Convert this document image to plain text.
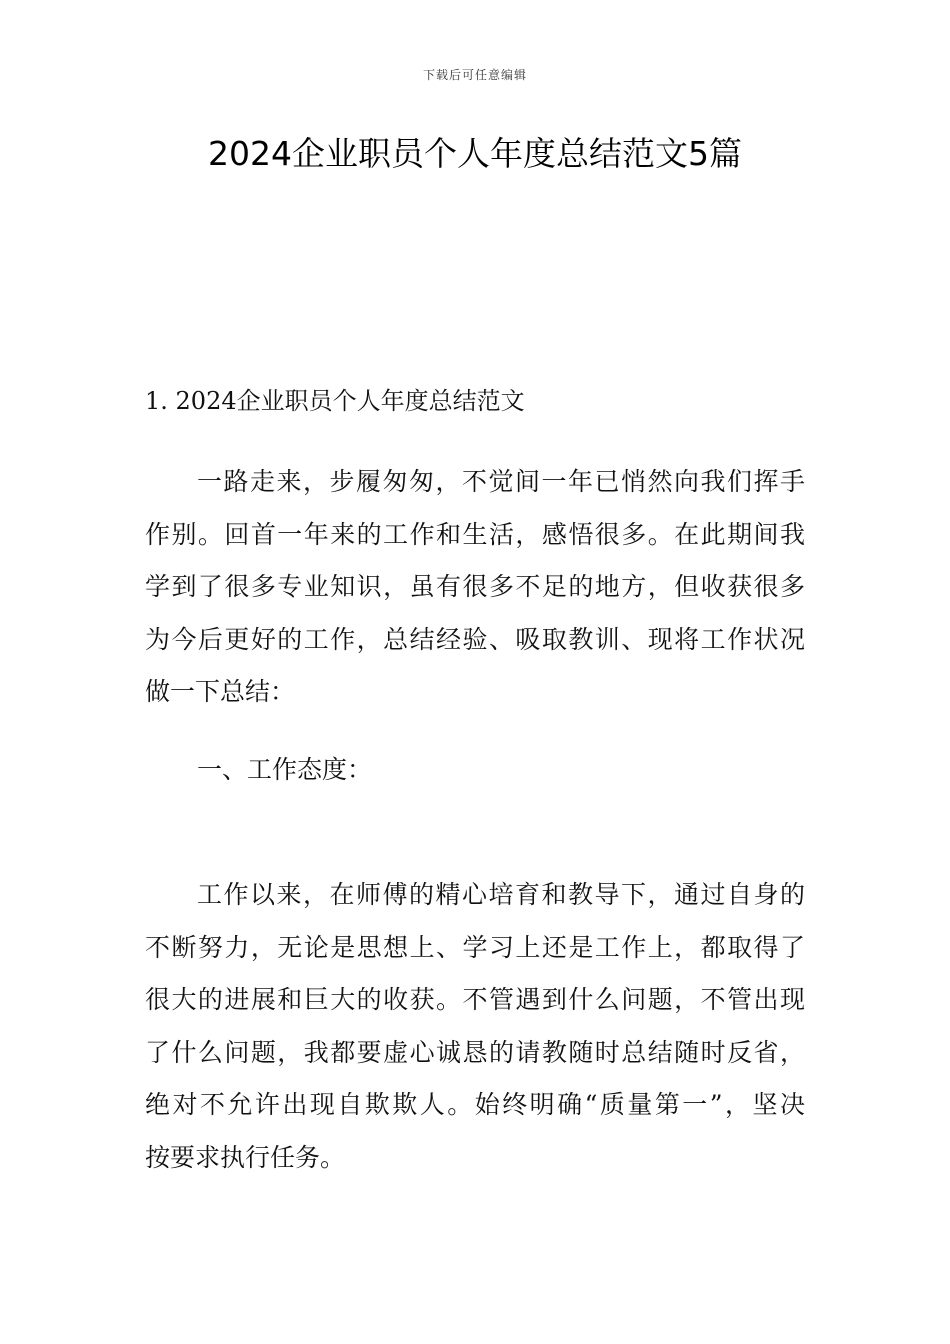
下载后可任意编辑
2024企业职员个人年度总结范文5篇
1. 2024企业职员个人年度总结范文
一路走来，步履匆匆，不觉间一年已悄然向我们挥手
作别。回首一年来的工作和生活，感悟很多。在此期间我
学到了很多专业知识，虽有很多不足的地方，但收获很多
为今后更好的工作，总结经验、吸取教训、现将工作状况
做一下总结：
一、工作态度：
工作以来，在师傅的精心培育和教导下，通过自身的
不断努力，无论是思想上、学习上还是工作上，都取得了
很大的进展和巨大的收获。不管遇到什么问题，不管出现
了什么问题，我都要虚心诚恳的请教随时总结随时反省，
绝对不允许出现自欺欺人。始终明确“质量第一”，坚决
按要求执行任务。
